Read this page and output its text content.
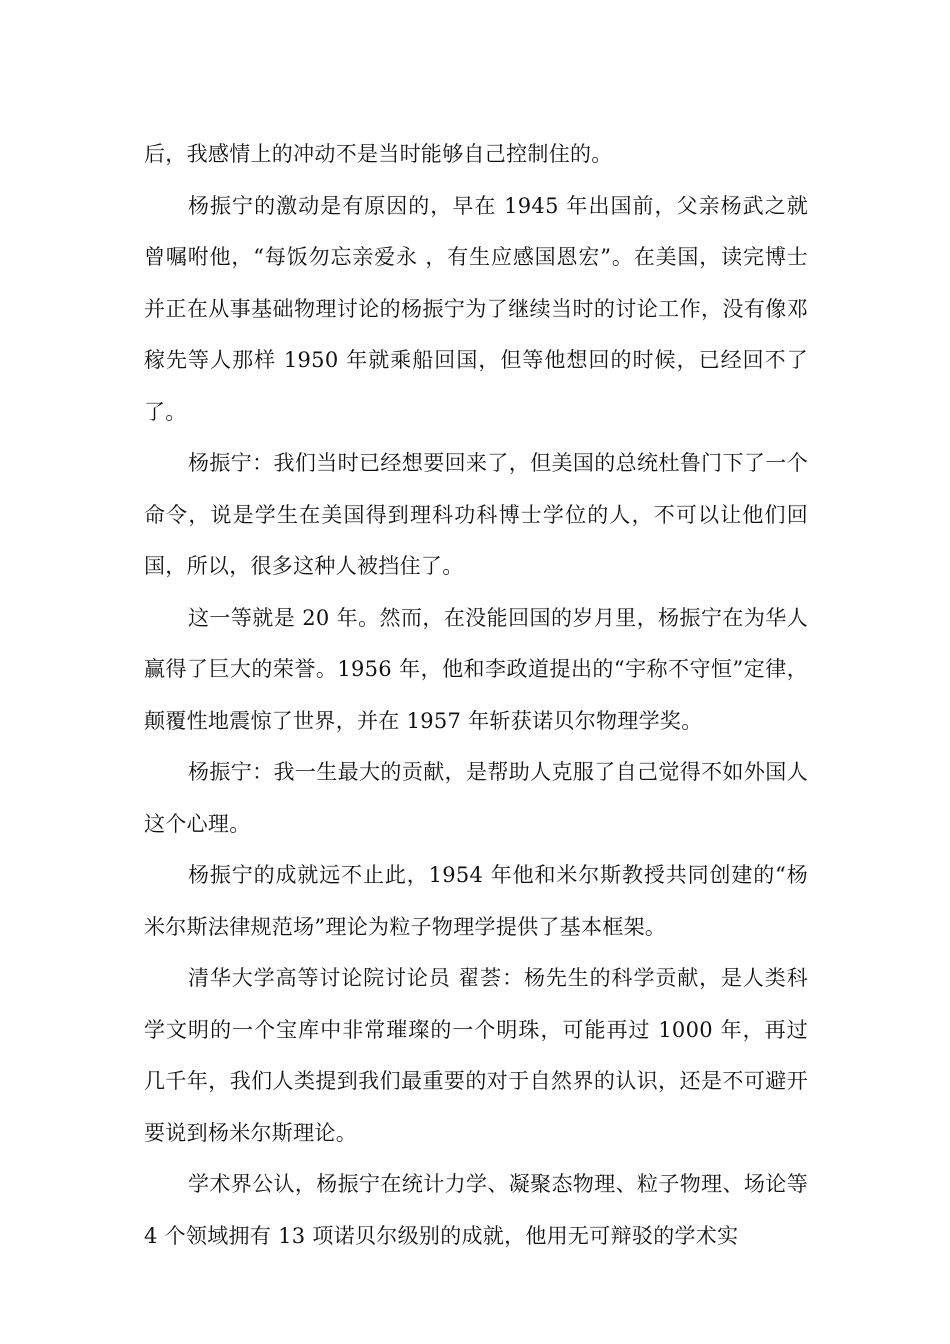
后，我感情上的冲动不是当时能够自己控制住的。

杨振宁的激动是有原因的，早在 1945 年出国前，父亲杨武之就曾嘱咐他，“每饭勿忘亲爱永 ，有生应感国恩宏”。在美国，读完博士并正在从事基础物理讨论的杨振宁为了继续当时的讨论工作，没有像邓稼先等人那样 1950 年就乘船回国，但等他想回的时候，已经回不了了。

杨振宁：我们当时已经想要回来了，但美国的总统杜鲁门下了一个命令，说是学生在美国得到理科功科博士学位的人，不可以让他们回国，所以，很多这种人被挡住了。

这一等就是 20 年。然而，在没能回国的岁月里，杨振宁在为华人赢得了巨大的荣誉。1956 年，他和李政道提出的“宇称不守恒”定律，颠覆性地震惊了世界，并在 1957 年斩获诺贝尔物理学奖。

杨振宁：我一生最大的贡献，是帮助人克服了自己觉得不如外国人这个心理。

杨振宁的成就远不止此，1954 年他和米尔斯教授共同创建的“杨米尔斯法律规范场”理论为粒子物理学提供了基本框架。

清华大学高等讨论院讨论员 翟荟：杨先生的科学贡献，是人类科学文明的一个宝库中非常璀璨的一个明珠，可能再过 1000 年，再过几千年，我们人类提到我们最重要的对于自然界的认识，还是不可避开要说到杨米尔斯理论。

学术界公认，杨振宁在统计力学、凝聚态物理、粒子物理、场论等 4 个领域拥有 13 项诺贝尔级别的成就，他用无可辩驳的学术实
